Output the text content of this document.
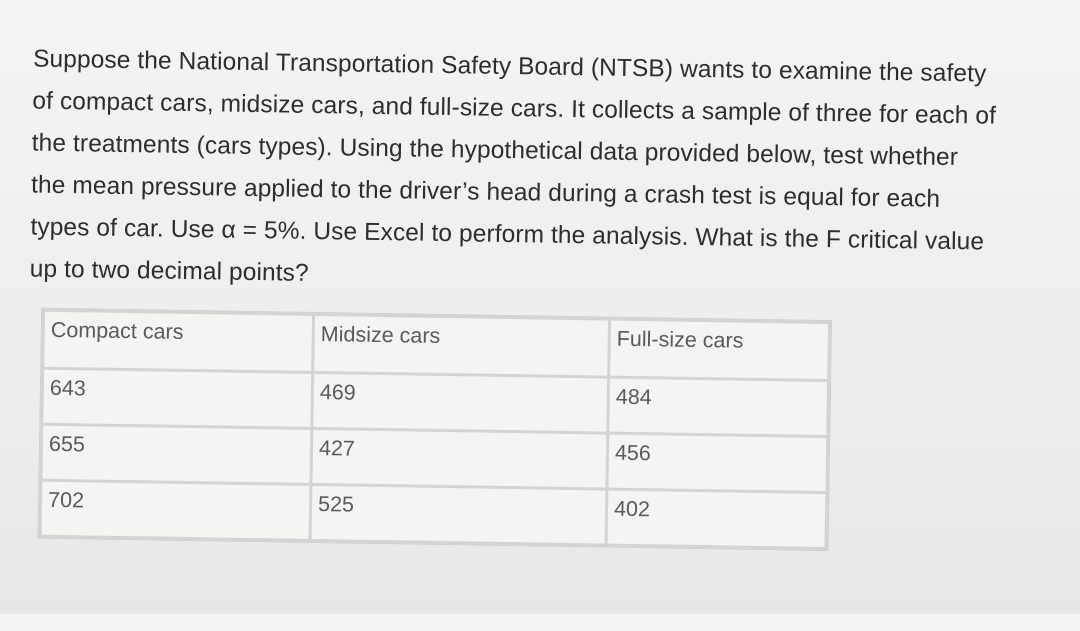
Suppose the National Transportation Safety Board (NTSB) wants to examine the safety
of compact cars, midsize cars, and full-size cars. It collects a sample of three for each of
the treatments (cars types). Using the hypothetical data provided below, test whether
the mean pressure applied to the driver’s head during a crash test is equal for each
types of car. Use α = 5%. Use Excel to perform the analysis. What is the F critical value
up to two decimal points?

Compact cars	Midsize cars	Full-size cars
643	469	484
655	427	456
702	525	402
